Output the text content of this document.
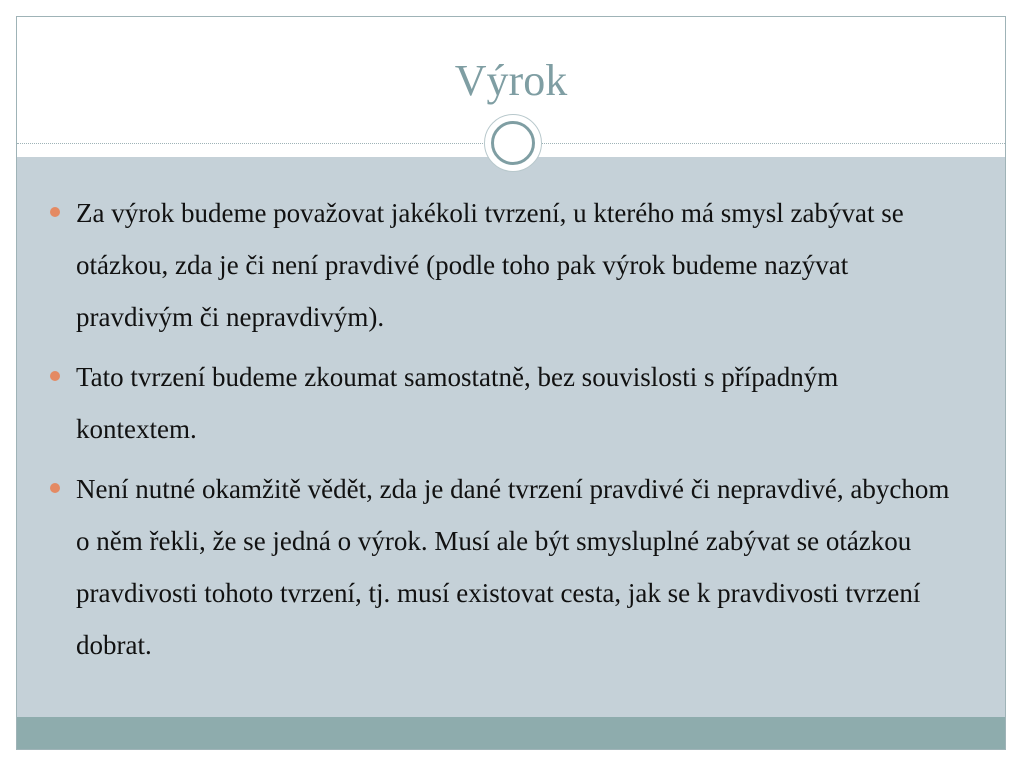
Výrok
Za výrok budeme považovat jakékoli tvrzení, u kterého má smysl zabývat se otázkou, zda je či není pravdivé (podle toho pak výrok budeme nazývat pravdivým či nepravdivým).
Tato tvrzení budeme zkoumat samostatně, bez souvislosti s případným kontextem.
Není nutné okamžitě vědět, zda je dané tvrzení pravdivé či nepravdivé, abychom o něm řekli, že se jedná o výrok. Musí ale být smysluplné zabývat se otázkou pravdivosti tohoto tvrzení, tj. musí existovat cesta, jak se k pravdivosti tvrzení dobrat.
